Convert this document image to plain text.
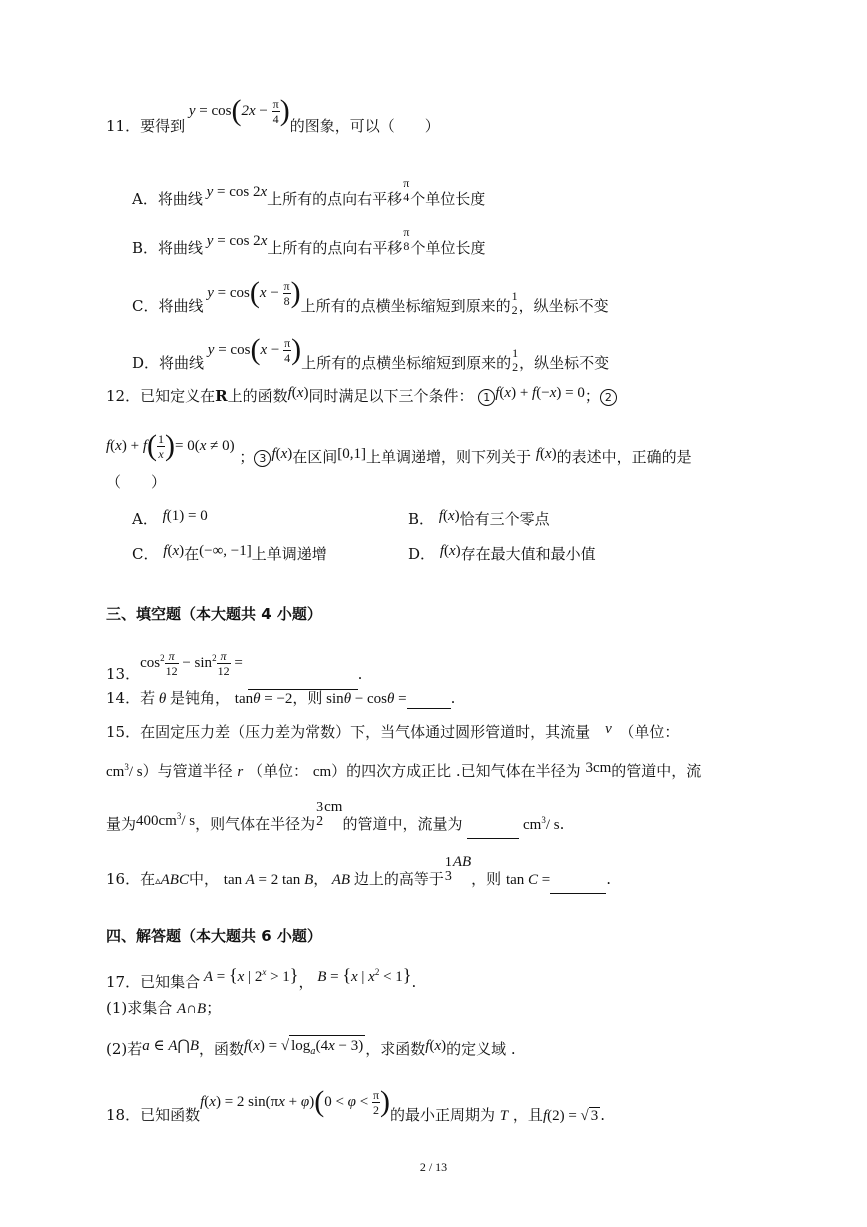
11．要得到 $y = \cos(2x - \frac{\pi}{4}$ )的图象，可以（　　）
A．将曲线 y = cos 2x上所有的点向右平移
π
4 个单位长度
B．将曲线 y = cos 2x上所有的点向右平移
π
8 个单位长度
C．将曲线 $y = \cos(x - \frac{\pi}{8}$ )上所有的点横坐标缩短到原来的
1
2 ，纵坐标不变
D．将曲线 $y = \cos(x - \frac{\pi}{4}$ )上所有的点横坐标缩短到原来的
1
2 ，纵坐标不变
12．已知定义在R上的函数f(x)同时满足以下三个条件： 1 f(x) + f(−x) = 0； 2
$f(x) + f( \frac{1}{x}$ )= 0(x ≠ 0) ； 3 f(x)在区间[0,1]上单调递增，则下列关于 f(x)的表述中，正确的是
（　　）
A． f(1) = 0	B． f(x)恰有三个零点
C． f(x)在(−∞, −1]上单调递增	D． f(x)存在最大值和最小值
三、填空题（本大题共 4 小题）
13．$\cos^2 \frac{\pi}{12} - \sin^2 \frac{\pi}{12}$ = .
14．若 θ 是钝角， tanθ = −2，则 sinθ − cosθ =	.
15．在固定压力差（压力差为常数）下，当气体通过圆形管道时，其流量　 v　 （单位：
$cm^3/$ s）与管道半径 r （单位： cm）的四次方成正比 .已知气体在半径为 3cm的管道中，流
量为$400cm^3/$ s，则气体在半径为
3
2
cm的管道中，流量为	$cm^3/$ s.
16．在▵ABC中， tan A = 2 tan B， AB 边上的高等于
1
3
AB，则 tan C =	.
四、解答题（本大题共 6 小题）
17．已知集合 A = {x | $2^x > 1$}， B = {x | $x^2 < 1$}.
(1)求集合 A∩B；
(2)若a ∈ A⋂B，函数f(x) = √ $\log_a(4x - 3)$ ，求函数f(x)的定义域 .
18．已知函数f(x) = 2 $\sin(\pi x + \varphi)(0 < \varphi < \frac{\pi}{2}$ )的最小正周期为 T ，且f(2) = √ 3 .
2 / 13
